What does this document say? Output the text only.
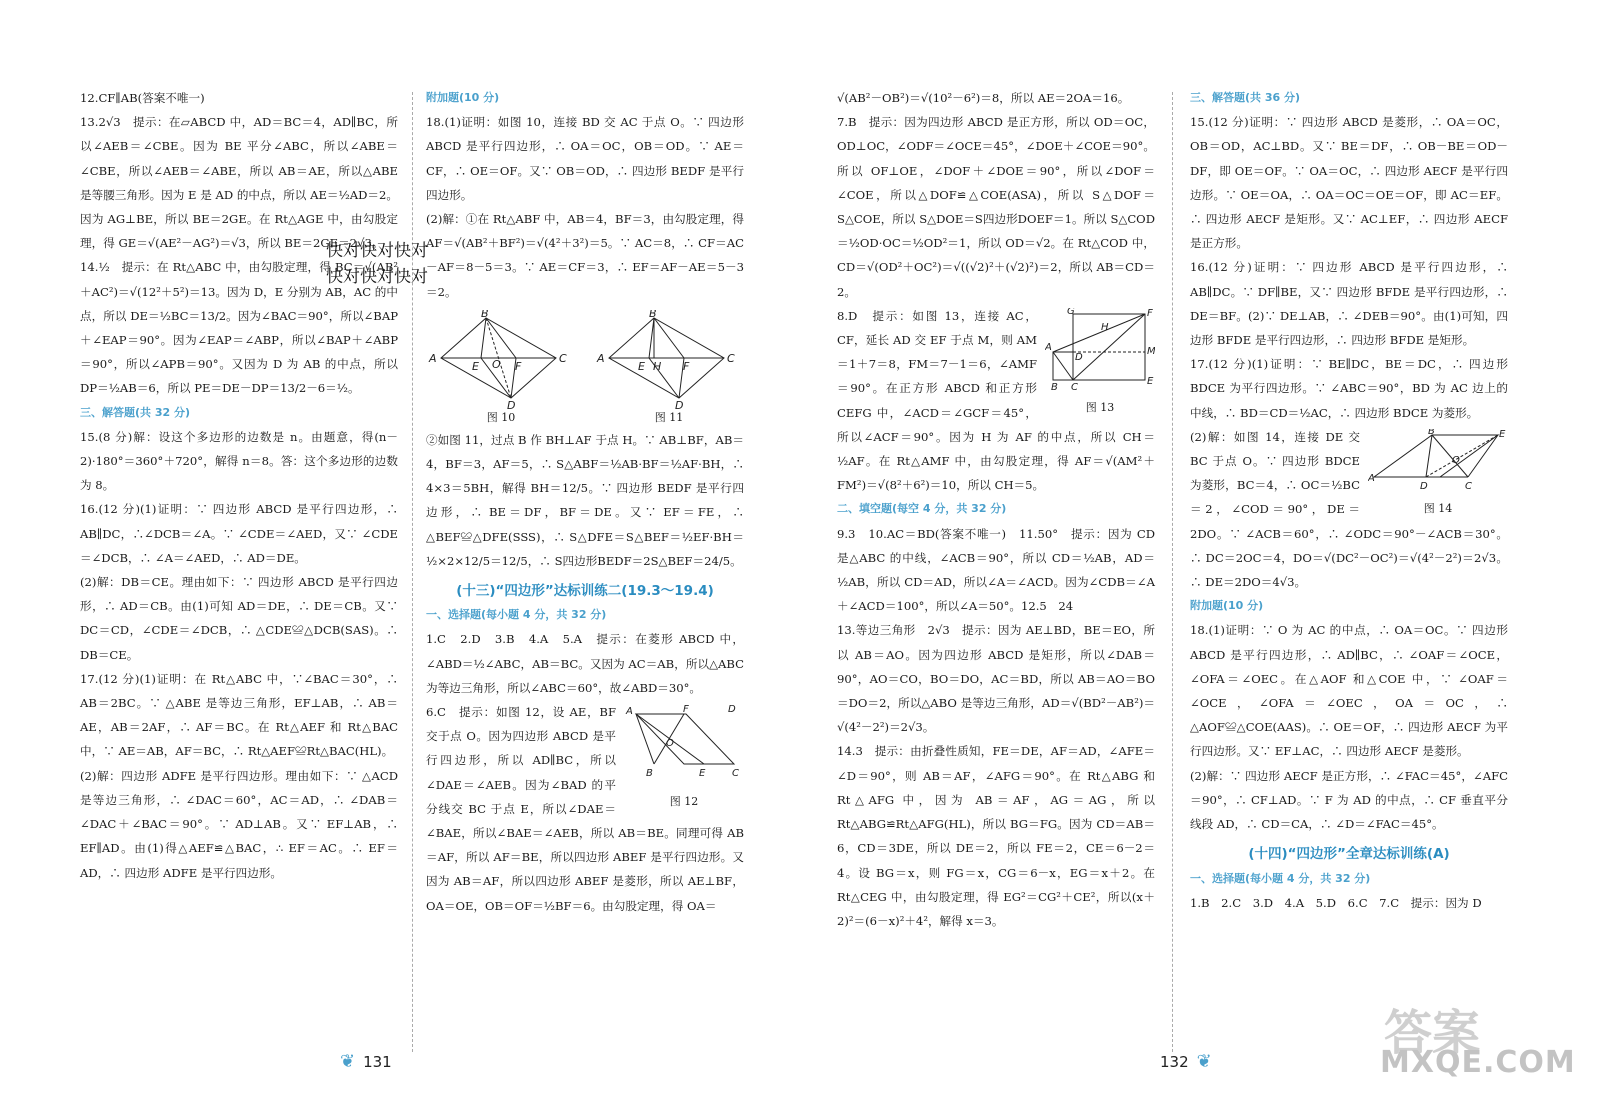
12.CF∥AB(答案不唯一)

13.2√3　提示：在▱ABCD 中，AD＝BC＝4，AD∥BC，所以∠AEB＝∠CBE。因为 BE 平分∠ABC，所以∠ABE＝∠CBE，所以∠AEB＝∠ABE，所以 AB＝AE，所以△ABE 是等腰三角形。因为 E 是 AD 的中点，所以 AE＝½AD＝2。因为 AG⊥BE，所以 BE＝2GE。在 Rt△AGE 中，由勾股定理，得 GE＝√(AE²－AG²)＝√3，所以 BE＝2GE＝2√3。

14.½　提示：在 Rt△ABC 中，由勾股定理，得 BC＝√(AB²＋AC²)＝√(12²＋5²)＝13。因为 D，E 分别为 AB，AC 的中点，所以 DE＝½BC＝13/2。因为∠BAC＝90°，所以∠BAP＋∠EAP＝90°。因为∠EAP＝∠ABP，所以∠BAP＋∠ABP＝90°，所以∠APB＝90°。又因为 D 为 AB 的中点，所以 DP＝½AB＝6，所以 PE＝DE－DP＝13/2－6＝½。

三、解答题(共 32 分)

15.(8 分)解：设这个多边形的边数是 n。由题意，得(n－2)·180°＝360°＋720°，解得 n＝8。答：这个多边形的边数为 8。

16.(12 分)(1)证明：∵ 四边形 ABCD 是平行四边形，∴ AB∥DC，∴∠DCB＝∠A。∵ ∠CDE＝∠AED，又∵ ∠CDE＝∠DCB，∴ ∠A＝∠AED，∴ AD＝DE。

(2)解：DB＝CE。理由如下：∵ 四边形 ABCD 是平行四边形，∴ AD＝CB。由(1)可知 AD＝DE，∴ DE＝CB。又∵ DC＝CD，∠CDE＝∠DCB，∴ △CDE≌△DCB(SAS)。∴ DB＝CE。

17.(12 分)(1)证明：在 Rt△ABC 中，∵∠BAC＝30°，∴ AB＝2BC。∵ △ABE 是等边三角形，EF⊥AB，∴ AB＝AE，AB＝2AF，∴ AF＝BC。在 Rt△AEF 和 Rt△BAC 中，∵ AE＝AB，AF＝BC，∴ Rt△AEF≌Rt△BAC(HL)。

(2)解：四边形 ADFE 是平行四边形。理由如下：∵ △ACD 是等边三角形，∴ ∠DAC＝60°，AC＝AD，∴ ∠DAB＝∠DAC＋∠BAC＝90°。∵ AD⊥AB。又∵ EF⊥AB，∴ EF∥AD。由(1)得△AEF≌△BAC，∴ EF＝AC。∴ EF＝AD，∴ 四边形 ADFE 是平行四边形。

附加题(10 分)

18.(1)证明：如图 10，连接 BD 交 AC 于点 O。∵ 四边形 ABCD 是平行四边形，∴ OA＝OC，OB＝OD。∵ AE＝CF，∴ OE＝OF。又∵ OB＝OD，∴ 四边形 BEDF 是平行四边形。

(2)解：①在 Rt△ABF 中，AB＝4，BF＝3，由勾股定理，得 AF＝√(AB²＋BF²)＝√(4²＋3²)＝5。∵ AC＝8，∴ CF＝AC－AF＝8－5＝3。∵ AE＝CF＝3，∴ EF＝AF－AE＝5－3＝2。

A
B
C
D
E	F
O
图 10
A
B
C
D
E H F
图 11

②如图 11，过点 B 作 BH⊥AF 于点 H。∵ AB⊥BF，AB＝4，BF＝3，AF＝5，∴ S△ABF＝½AB·BF＝½AF·BH，∴ 4×3＝5BH，解得 BH＝12/5。∵ 四边形 BEDF 是平行四边形，∴ BE＝DF，BF＝DE。又∵ EF＝FE，∴ △BEF≌△DFE(SSS)，∴ S△DFE＝S△BEF＝½EF·BH＝½×2×12/5＝12/5，∴ S四边形BEDF＝2S△BEF＝24/5。

(十三)“四边形”达标训练二(19.3～19.4)

一、选择题(每小题 4 分，共 32 分)

1.C　2.D　3.B　4.A　5.A　提示：在菱形 ABCD 中，∠ABD＝½∠ABC，AB＝BC。又因为 AC＝AB，所以△ABC 为等边三角形，所以∠ABC＝60°，故∠ABD＝30°。

A	F	D
B	E	C
O
图 12

6.C　提示：如图 12，设 AE，BF 交于点 O。因为四边形 ABCD 是平行四边形，所以 AD∥BC，所以∠DAE＝∠AEB。因为∠BAD 的平分线交 BC 于点 E，所以∠DAE＝∠BAE，所以∠BAE＝∠AEB，所以 AB＝BE。同理可得 AB＝AF，所以 AF＝BE，所以四边形 ABEF 是平行四边形。又因为 AB＝AF，所以四边形 ABEF 是菱形，所以 AE⊥BF，OA＝OE，OB＝OF＝½BF＝6。由勾股定理，得 OA＝

快对快对快对
快对快对快对
❦ 131

√(AB²－OB²)＝√(10²－6²)＝8，所以 AE＝2OA＝16。

7.B　提示：因为四边形 ABCD 是正方形，所以 OD＝OC，OD⊥OC，∠ODF＝∠OCE＝45°，∠DOE＋∠COE＝90°。所以 OF⊥OE，∠DOF＋∠DOE＝90°，所以∠DOF＝∠COE，所以△DOF≌△COE(ASA)，所以 S△DOF＝S△COE，所以 S△DOE＝S四边形DOEF＝1。所以 S△COD＝½OD·OC＝½OD²＝1，所以 OD＝√2。在 Rt△COD 中，CD＝√(OD²＋OC²)＝√((√2)²＋(√2)²)＝2，所以 AB＝CD＝2。

G	F
H
A
D
M
B C
E
图 13

8.D　提示：如图 13，连接 AC，CF，延长 AD 交 EF 于点 M，则 AM＝1＋7＝8，FM＝7－1＝6，∠AMF＝90°。在正方形 ABCD 和正方形 CEFG 中，∠ACD＝∠GCF＝45°，所以∠ACF＝90°。因为 H 为 AF 的中点，所以 CH＝½AF。在 Rt△AMF 中，由勾股定理，得 AF＝√(AM²＋FM²)＝√(8²＋6²)＝10，所以 CH＝5。

二、填空题(每空 4 分，共 32 分)

9.3　10.AC＝BD(答案不唯一)　11.50°　提示：因为 CD 是△ABC 的中线，∠ACB＝90°，所以 CD＝½AB，AD＝½AB，所以 CD＝AD，所以∠A＝∠ACD。因为∠CDB＝∠A＋∠ACD＝100°，所以∠A＝50°。12.5　24

13.等边三角形　2√3　提示：因为 AE⊥BD，BE＝EO，所以 AB＝AO。因为四边形 ABCD 是矩形，所以∠DAB＝90°，AO＝CO，BO＝DO，AC＝BD，所以 AB＝AO＝BO＝DO＝2，所以△ABO 是等边三角形，AD＝√(BD²－AB²)＝√(4²－2²)＝2√3。

14.3　提示：由折叠性质知，FE＝DE，AF＝AD，∠AFE＝∠D＝90°，则 AB＝AF，∠AFG＝90°。在 Rt△ABG 和 Rt△AFG 中，因为 AB＝AF，AG＝AG，所以 Rt△ABG≌Rt△AFG(HL)，所以 BG＝FG。因为 CD＝AB＝6，CD＝3DE，所以 DE＝2，所以 FE＝2，CE＝6－2＝4。设 BG＝x，则 FG＝x，CG＝6－x，EG＝x＋2。在 Rt△CEG 中，由勾股定理，得 EG²＝CG²＋CE²，所以(x＋2)²＝(6－x)²＋4²，解得 x＝3。

三、解答题(共 36 分)

15.(12 分)证明：∵ 四边形 ABCD 是菱形，∴ OA＝OC，OB＝OD，AC⊥BD。又∵ BE＝DF，∴ OB－BE＝OD－DF，即 OE＝OF。∵ OA＝OC，∴ 四边形 AECF 是平行四边形。∵ OE＝OA，∴ OA＝OC＝OE＝OF，即 AC＝EF。∴ 四边形 AECF 是矩形。又∵ AC⊥EF，∴ 四边形 AECF 是正方形。

16.(12 分)证明：∵ 四边形 ABCD 是平行四边形，∴ AB∥DC。∵ DF∥BE，又∵ 四边形 BFDE 是平行四边形，∴ DE＝BF。(2)∵ DE⊥AB，∴ ∠DEB＝90°。由(1)可知，四边形 BFDE 是平行四边形，∴ 四边形 BFDE 是矩形。

17.(12 分)(1)证明：∵ BE∥DC，BE＝DC，∴ 四边形 BDCE 为平行四边形。∵ ∠ABC＝90°，BD 为 AC 边上的中线，∴ BD＝CD＝½AC，∴ 四边形 BDCE 为菱形。

A
B	E
D	C
O
图 14

(2)解：如图 14，连接 DE 交 BC 于点 O。∵ 四边形 BDCE 为菱形，BC＝4，∴ OC＝½BC＝2，∠COD＝90°，DE＝2DO。∵ ∠ACB＝60°，∴ ∠ODC＝90°－∠ACB＝30°。∴ DC＝2OC＝4，DO＝√(DC²－OC²)＝√(4²－2²)＝2√3。∴ DE＝2DO＝4√3。

附加题(10 分)

18.(1)证明：∵ O 为 AC 的中点，∴ OA＝OC。∵ 四边形 ABCD 是平行四边形，∴ AD∥BC，∴ ∠OAF＝∠OCE，∠OFA＝∠OEC。在△AOF 和△COE 中，∵ ∠OAF＝∠OCE，∠OFA＝∠OEC，OA＝OC，∴ △AOF≌△COE(AAS)。∴ OE＝OF，∴ 四边形 AECF 为平行四边形。又∵ EF⊥AC，∴ 四边形 AECF 是菱形。

(2)解：∵ 四边形 AECF 是正方形，∴ ∠FAC＝45°，∠AFC＝90°，∴ CF⊥AD。∵ F 为 AD 的中点，∴ CF 垂直平分线段 AD，∴ CD＝CA，∴ ∠D＝∠FAC＝45°。

(十四)“四边形”全章达标训练(A)

一、选择题(每小题 4 分，共 32 分)

1.B　2.C　3.D　4.A　5.D　6.C　7.C　提示：因为 D

132 ❦
答案
MXQE.COM
